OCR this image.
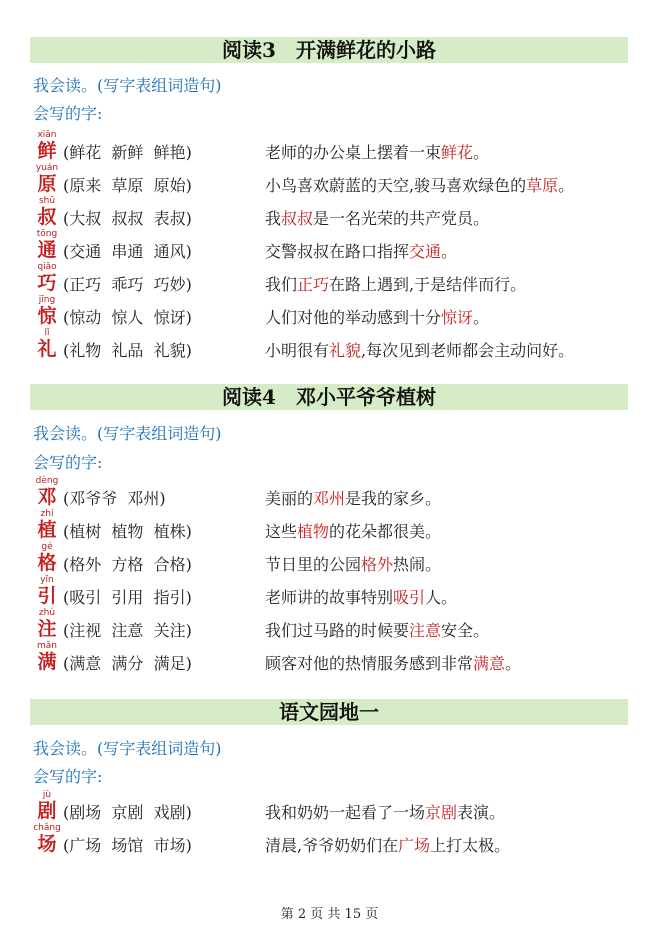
阅读3　开满鲜花的小路
我会读。(写字表组词造句)
会写的字:
xiān
鲜 (鲜花  新鲜  鲜艳)	老师的办公桌上摆着一束鲜花。
yuán
原 (原来  草原  原始)	小鸟喜欢蔚蓝的天空,骏马喜欢绿色的草原。
shū
叔 (大叔  叔叔  表叔)	我叔叔是一名光荣的共产党员。
tōng
通 (交通  串通  通风)	交警叔叔在路口指挥交通。
qiǎo
巧 (正巧  乖巧  巧妙)	我们正巧在路上遇到,于是结伴而行。
jīng
惊 (惊动  惊人  惊讶)	人们对他的举动感到十分惊讶。
lǐ
礼 (礼物  礼品  礼貌)	小明很有礼貌,每次见到老师都会主动问好。
阅读4　邓小平爷爷植树
我会读。(写字表组词造句)
会写的字:
dèng
邓 (邓爷爷  邓州)	美丽的邓州是我的家乡。
zhí
植 (植树  植物  植株)	这些植物的花朵都很美。
gé
格 (格外  方格  合格)	节日里的公园格外热闹。
yǐn
引 (吸引  引用  指引)	老师讲的故事特别吸引人。
zhù
注 (注视  注意  关注)	我们过马路的时候要注意安全。
mǎn
满 (满意  满分  满足)	顾客对他的热情服务感到非常满意。
语文园地一
我会读。(写字表组词造句)
会写的字:
jù
剧 (剧场  京剧  戏剧)	我和奶奶一起看了一场京剧表演。
chǎng
场 (广场  场馆  市场)	清晨,爷爷奶奶们在广场上打太极。
第 2 页 共 15 页
